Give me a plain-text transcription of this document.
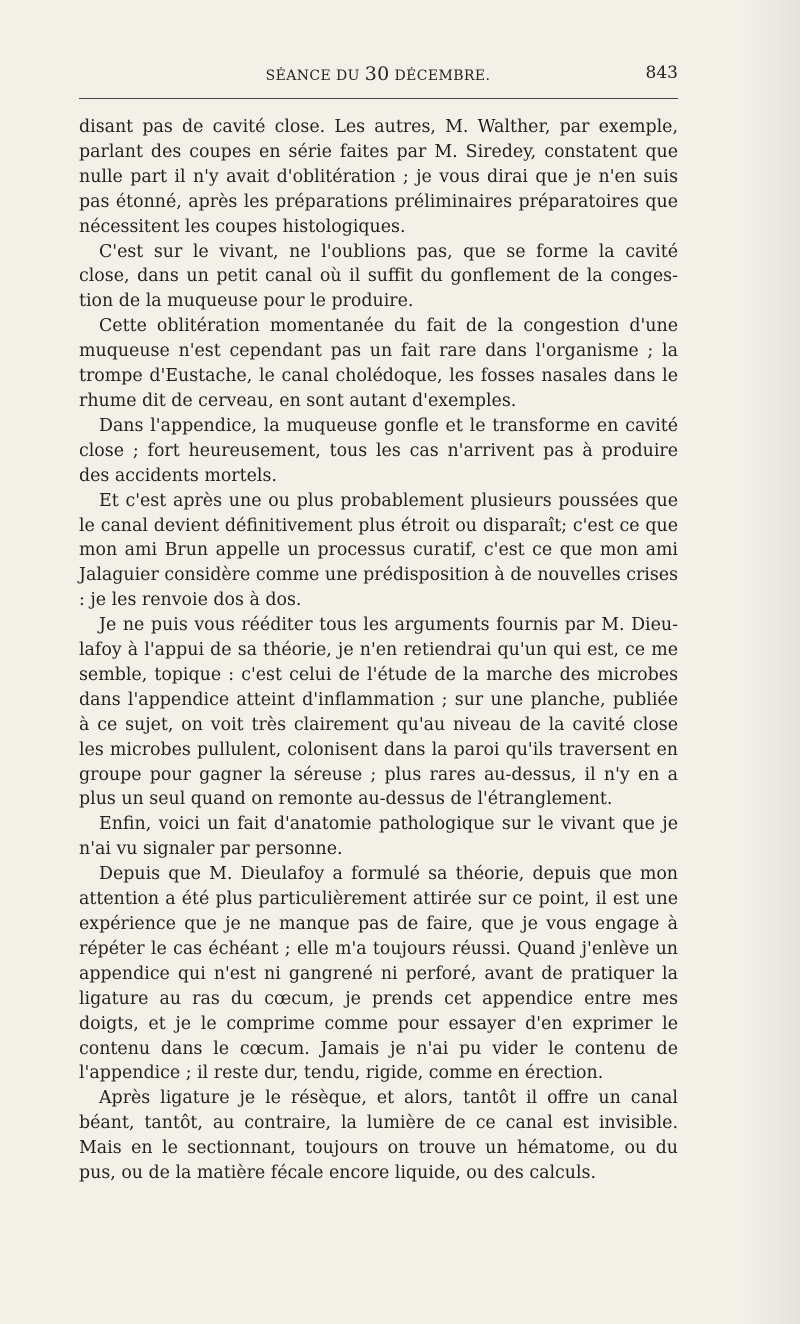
SÉANCE DU 30 DÉCEMBRE.	843

disant pas de cavité close. Les autres, M. Walther, par exemple, parlant des coupes en série faites par M. Siredey, constatent que nulle part il n'y avait d'oblitération ; je vous dirai que je n'en suis pas étonné, après les préparations préliminaires préparatoires que nécessitent les coupes histologiques.

C'est sur le vivant, ne l'oublions pas, que se forme la cavité close, dans un petit canal où il suffit du gonflement de la congestion de la muqueuse pour le produire.

Cette oblitération momentanée du fait de la congestion d'une muqueuse n'est cependant pas un fait rare dans l'organisme ; la trompe d'Eustache, le canal cholédoque, les fosses nasales dans le rhume dit de cerveau, en sont autant d'exemples.

Dans l'appendice, la muqueuse gonfle et le transforme en cavité close ; fort heureusement, tous les cas n'arrivent pas à produire des accidents mortels.

Et c'est après une ou plus probablement plusieurs poussées que le canal devient définitivement plus étroit ou disparaît; c'est ce que mon ami Brun appelle un processus curatif, c'est ce que mon ami Jalaguier considère comme une prédisposition à de nouvelles crises : je les renvoie dos à dos.

Je ne puis vous rééditer tous les arguments fournis par M. Dieulafoy à l'appui de sa théorie, je n'en retiendrai qu'un qui est, ce me semble, topique : c'est celui de l'étude de la marche des microbes dans l'appendice atteint d'inflammation ; sur une planche, publiée à ce sujet, on voit très clairement qu'au niveau de la cavité close les microbes pullulent, colonisent dans la paroi qu'ils traversent en groupe pour gagner la séreuse ; plus rares au-dessus, il n'y en a plus un seul quand on remonte au-dessus de l'étranglement.

Enfin, voici un fait d'anatomie pathologique sur le vivant que je n'ai vu signaler par personne.

Depuis que M. Dieulafoy a formulé sa théorie, depuis que mon attention a été plus particulièrement attirée sur ce point, il est une expérience que je ne manque pas de faire, que je vous engage à répéter le cas échéant ; elle m'a toujours réussi. Quand j'enlève un appendice qui n'est ni gangrené ni perforé, avant de pratiquer la ligature au ras du cœcum, je prends cet appendice entre mes doigts, et je le comprime comme pour essayer d'en exprimer le contenu dans le cœcum. Jamais je n'ai pu vider le contenu de l'appendice ; il reste dur, tendu, rigide, comme en érection.

Après ligature je le résèque, et alors, tantôt il offre un canal béant, tantôt, au contraire, la lumière de ce canal est invisible. Mais en le sectionnant, toujours on trouve un hématome, ou du pus, ou de la matière fécale encore liquide, ou des calculs.
